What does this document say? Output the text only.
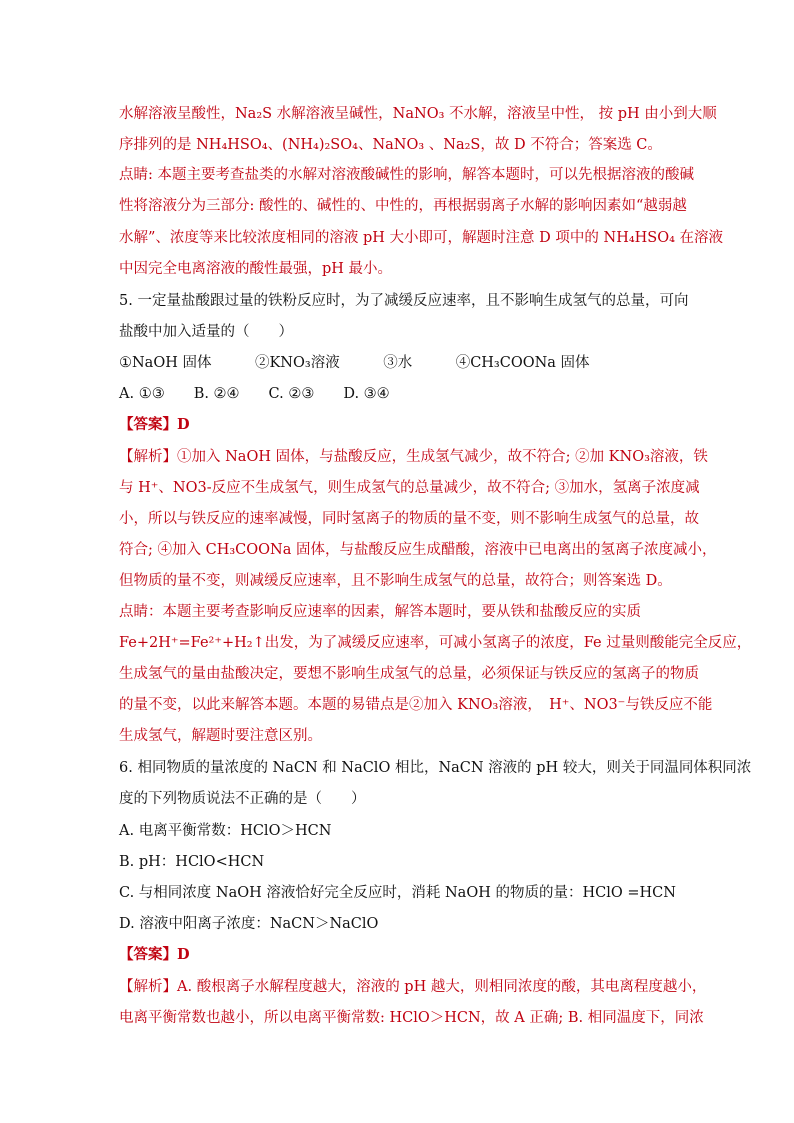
水解溶液呈酸性，Na₂S 水解溶液呈碱性，NaNO₃ 不水解，溶液呈中性， 按 pH 由小到大顺
序排列的是 NH₄HSO₄、(NH₄)₂SO₄、NaNO₃ 、Na₂S，故 D 不符合；答案选 C。
点睛: 本题主要考查盐类的水解对溶液酸碱性的影响，解答本题时，可以先根据溶液的酸碱
性将溶液分为三部分: 酸性的、碱性的、中性的，再根据弱离子水解的影响因素如“越弱越
水解”、浓度等来比较浓度相同的溶液 pH 大小即可，解题时注意 D 项中的 NH₄HSO₄ 在溶液
中因完全电离溶液的酸性最强，pH 最小。
5. 一定量盐酸跟过量的铁粉反应时，为了减缓反应速率，且不影响生成氢气的总量，可向
盐酸中加入适量的（　　）
①NaOH 固体　　　②KNO₃溶液　　　③水　　　④CH₃COONa 固体
A. ①③　　B. ②④　　C. ②③　　D. ③④
【答案】D
【解析】①加入 NaOH 固体，与盐酸反应，生成氢气减少，故不符合; ②加 KNO₃溶液，铁
与 H⁺、NO3-反应不生成氢气，则生成氢气的总量减少，故不符合; ③加水，氢离子浓度减
小，所以与铁反应的速率减慢，同时氢离子的物质的量不变，则不影响生成氢气的总量，故
符合; ④加入 CH₃COONa 固体，与盐酸反应生成醋酸，溶液中已电离出的氢离子浓度减小，
但物质的量不变，则减缓反应速率，且不影响生成氢气的总量，故符合；则答案选 D。
点睛：本题主要考查影响反应速率的因素，解答本题时，要从铁和盐酸反应的实质
Fe+2H⁺=Fe²⁺+H₂↑出发，为了减缓反应速率，可减小氢离子的浓度，Fe 过量则酸能完全反应，
生成氢气的量由盐酸决定，要想不影响生成氢气的总量，必须保证与铁反应的氢离子的物质
的量不变，以此来解答本题。本题的易错点是②加入 KNO₃溶液，　H⁺、NO3⁻与铁反应不能
生成氢气，解题时要注意区别。
6. 相同物质的量浓度的 NaCN 和 NaClO 相比，NaCN 溶液的 pH 较大，则关于同温同体积同浓
度的下列物质说法不正确的是（　　）
A. 电离平衡常数：HClO＞HCN
B. pH：HClO<HCN
C. 与相同浓度 NaOH 溶液恰好完全反应时，消耗 NaOH 的物质的量：HClO =HCN
D. 溶液中阳离子浓度：NaCN＞NaClO
【答案】D
【解析】A. 酸根离子水解程度越大，溶液的 pH 越大，则相同浓度的酸，其电离程度越小，
电离平衡常数也越小，所以电离平衡常数: HClO＞HCN，故 A 正确; B. 相同温度下，同浓
